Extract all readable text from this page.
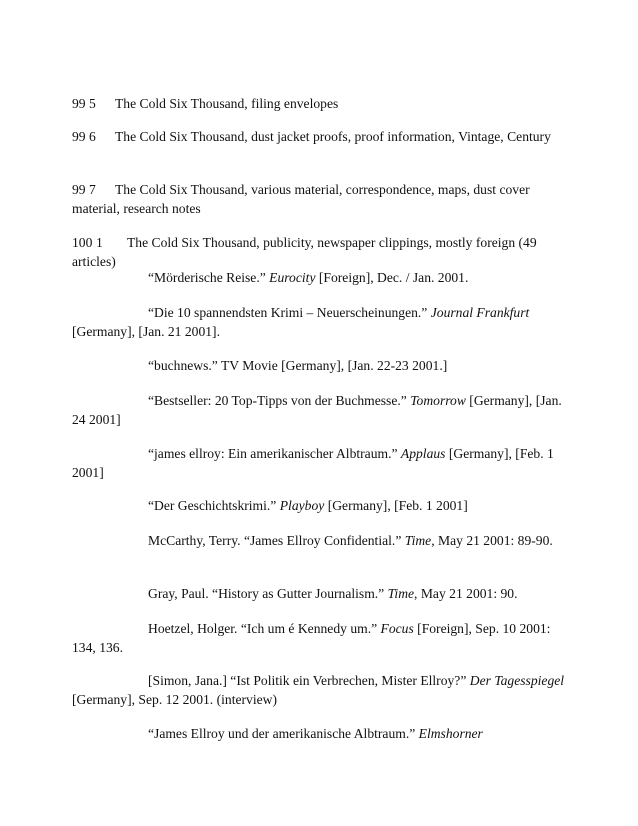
99 5 The Cold Six Thousand, filing envelopes

99 6 The Cold Six Thousand, dust jacket proofs, proof information, Vintage, Century

99 7 The Cold Six Thousand, various material, correspondence, maps, dust cover material, research notes

100 1 The Cold Six Thousand, publicity, newspaper clippings, mostly foreign (49 articles)

“Mörderische Reise.” Eurocity [Foreign], Dec. / Jan. 2001.

“Die 10 spannendsten Krimi – Neuerscheinungen.” Journal Frankfurt [Germany], [Jan. 21 2001].

“buchnews.” TV Movie [Germany], [Jan. 22-23 2001.]

“Bestseller: 20 Top-Tipps von der Buchmesse.” Tomorrow [Germany], [Jan. 24 2001]

“james ellroy: Ein amerikanischer Albtraum.” Applaus [Germany], [Feb. 1 2001]

“Der Geschichtskrimi.” Playboy [Germany], [Feb. 1 2001]

McCarthy, Terry. “James Ellroy Confidential.” Time, May 21 2001: 89-90.

Gray, Paul. “History as Gutter Journalism.” Time, May 21 2001: 90.

Hoetzel, Holger. “Ich um é Kennedy um.” Focus [Foreign], Sep. 10 2001: 134, 136.

[Simon, Jana.] “Ist Politik ein Verbrechen, Mister Ellroy?” Der Tagesspiegel [Germany], Sep. 12 2001. (interview)

“James Ellroy und der amerikanische Albtraum.” Elmshorner
